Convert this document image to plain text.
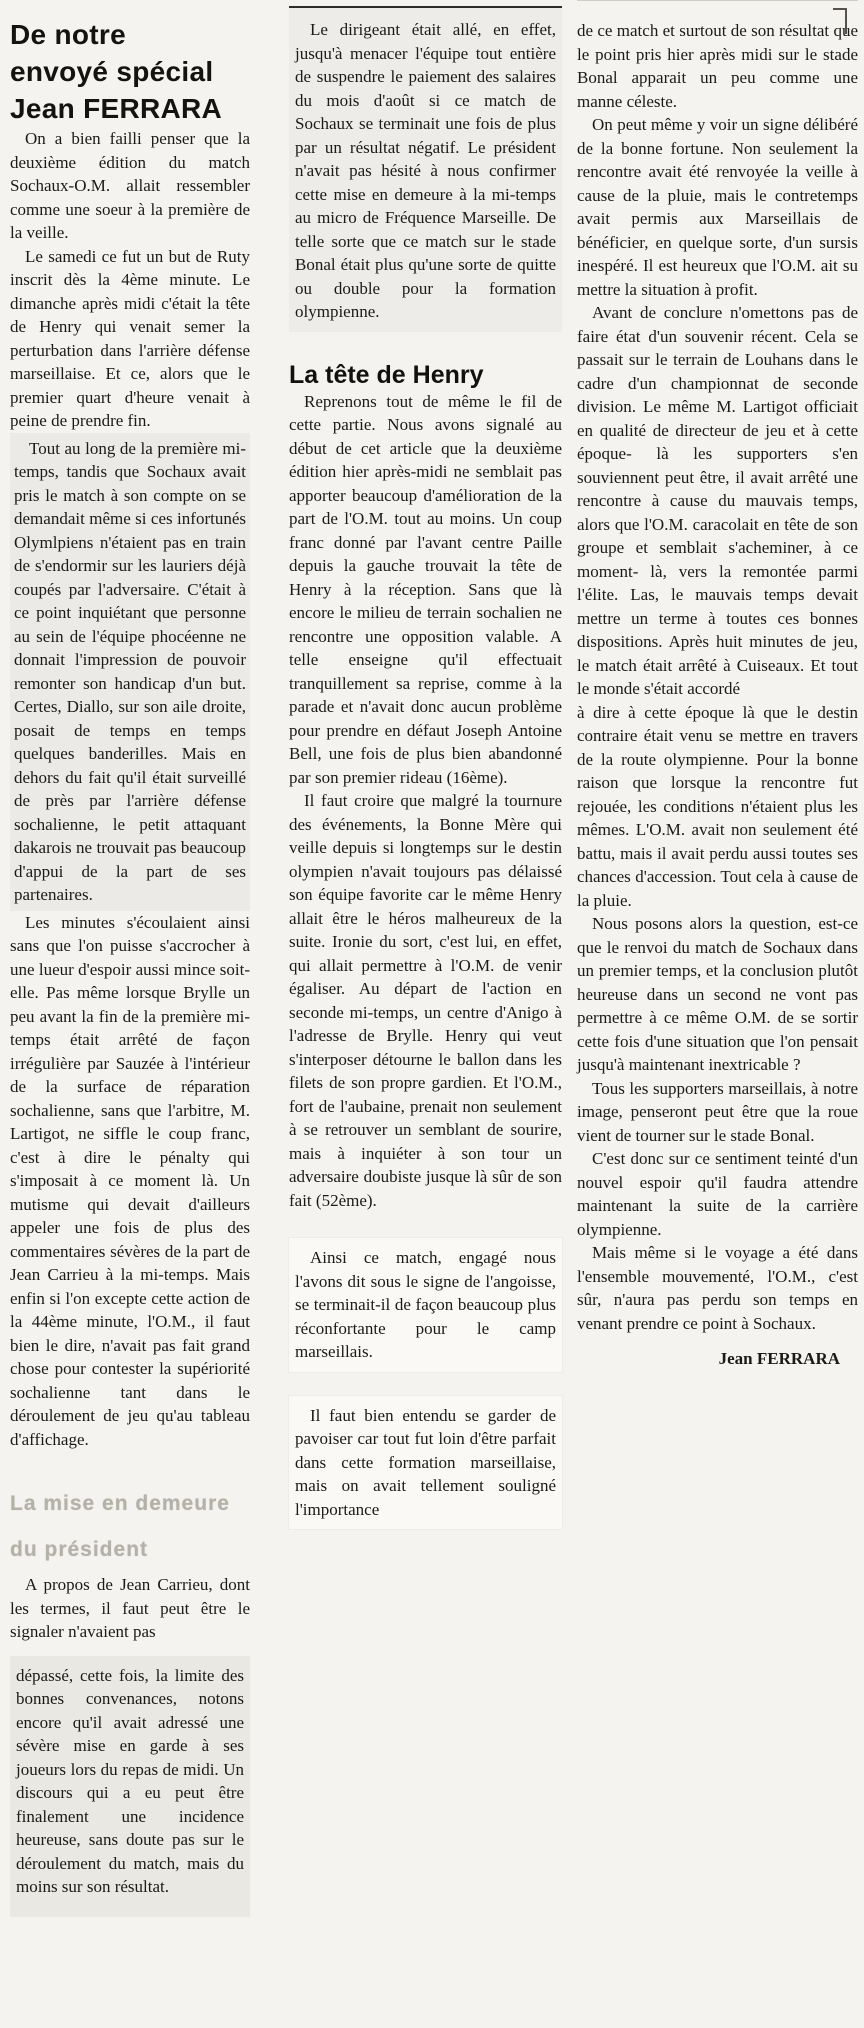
De notre
envoyé spécial
Jean FERRARA

On a bien failli penser que la deuxième édition du match Sochaux-O.M. allait ressembler comme une soeur à la première de la veille.

Le samedi ce fut un but de Ruty inscrit dès la 4ème minute. Le dimanche après midi c'était la tête de Henry qui venait semer la perturbation dans l'arrière défense marseillaise. Et ce, alors que le premier quart d'heure venait à peine de prendre fin.

Tout au long de la première mi-temps, tandis que Sochaux avait pris le match à son compte on se demandait même si ces infortunés Olymlpiens n'étaient pas en train de s'endormir sur les lauriers déjà coupés par l'adversaire. C'était à ce point inquiétant que personne au sein de l'équipe phocéenne ne donnait l'impression de pouvoir remonter son handicap d'un but. Certes, Diallo, sur son aile droite, posait de temps en temps quelques banderilles. Mais en dehors du fait qu'il était surveillé de près par l'arrière défense sochalienne, le petit attaquant dakarois ne trouvait pas beaucoup d'appui de la part de ses partenaires.

Les minutes s'écoulaient ainsi sans que l'on puisse s'accrocher à une lueur d'espoir aussi mince soit-elle. Pas même lorsque Brylle un peu avant la fin de la première mi-temps était arrêté de façon irrégulière par Sauzée à l'intérieur de la surface de réparation sochalienne, sans que l'arbitre, M. Lartigot, ne siffle le coup franc, c'est à dire le pénalty qui s'imposait à ce moment là. Un mutisme qui devait d'ailleurs appeler une fois de plus des commentaires sévères de la part de Jean Carrieu à la mi-temps. Mais enfin si l'on excepte cette action de la 44ème minute, l'O.M., il faut bien le dire, n'avait pas fait grand chose pour contester la supériorité sochalienne tant dans le déroulement de jeu qu'au tableau d'affichage.

La mise en demeure
du président

A propos de Jean Carrieu, dont les termes, il faut peut être le signaler n'avaient pas

dépassé, cette fois, la limite des bonnes convenances, notons encore qu'il avait adressé une sévère mise en garde à ses joueurs lors du repas de midi. Un discours qui a eu peut être finalement une incidence heureuse, sans doute pas sur le déroulement du match, mais du moins sur son résultat.

Le dirigeant était allé, en effet, jusqu'à menacer l'équipe tout entière de suspendre le paiement des salaires du mois d'août si ce match de Sochaux se terminait une fois de plus par un résultat négatif. Le président n'avait pas hésité à nous confirmer cette mise en demeure à la mi-temps au micro de Fréquence Marseille. De telle sorte que ce match sur le stade Bonal était plus qu'une sorte de quitte ou double pour la formation olympienne.

La tête de Henry

Reprenons tout de même le fil de cette partie. Nous avons signalé au début de cet article que la deuxième édition hier après-midi ne semblait pas apporter beaucoup d'amélioration de la part de l'O.M. tout au moins. Un coup franc donné par l'avant centre Paille depuis la gauche trouvait la tête de Henry à la réception. Sans que là encore le milieu de terrain sochalien ne rencontre une opposition valable. A telle enseigne qu'il effectuait tranquillement sa reprise, comme à la parade et n'avait donc aucun problème pour prendre en défaut Joseph Antoine Bell, une fois de plus bien abandonné par son premier rideau (16ème).

Il faut croire que malgré la tournure des événements, la Bonne Mère qui veille depuis si longtemps sur le destin olympien n'avait toujours pas délaissé son équipe favorite car le même Henry allait être le héros malheureux de la suite. Ironie du sort, c'est lui, en effet, qui allait permettre à l'O.M. de venir égaliser. Au départ de l'action en seconde mi-temps, un centre d'Anigo à l'adresse de Brylle. Henry qui veut s'interposer détourne le ballon dans les filets de son propre gardien. Et l'O.M., fort de l'aubaine, prenait non seulement à se retrouver un semblant de sourire, mais à inquiéter à son tour un adversaire doubiste jusque là sûr de son fait (52ème).

Ainsi ce match, engagé nous l'avons dit sous le signe de l'angoisse, se terminait-il de façon beaucoup plus réconfortante pour le camp marseillais.

Il faut bien entendu se garder de pavoiser car tout fut loin d'être parfait dans cette formation marseillaise, mais on avait tellement souligné l'importance

de ce match et surtout de son résultat que le point pris hier après midi sur le stade Bonal apparait un peu comme une manne céleste.

On peut même y voir un signe délibéré de la bonne fortune. Non seulement la rencontre avait été renvoyée la veille à cause de la pluie, mais le contretemps avait permis aux Marseillais de bénéficier, en quelque sorte, d'un sursis inespéré. Il est heureux que l'O.M. ait su mettre la situation à profit.

Avant de conclure n'omettons pas de faire état d'un souvenir récent. Cela se passait sur le terrain de Louhans dans le cadre d'un championnat de seconde division. Le même M. Lartigot officiait en qualité de directeur de jeu et à cette époque- là les supporters s'en souviennent peut être, il avait arrêté une rencontre à cause du mauvais temps, alors que l'O.M. caracolait en tête de son groupe et semblait s'acheminer, à ce moment- là, vers la remontée parmi l'élite. Las, le mauvais temps devait mettre un terme à toutes ces bonnes dispositions. Après huit minutes de jeu, le match était arrêté à Cuiseaux. Et tout le monde s'était accordé

à dire à cette époque là que le destin contraire était venu se mettre en travers de la route olympienne. Pour la bonne raison que lorsque la rencontre fut rejouée, les conditions n'étaient plus les mêmes. L'O.M. avait non seulement été battu, mais il avait perdu aussi toutes ses chances d'accession. Tout cela à cause de la pluie.

Nous posons alors la question, est-ce que le renvoi du match de Sochaux dans un premier temps, et la conclusion plutôt heureuse dans un second ne vont pas permettre à ce même O.M. de se sortir cette fois d'une situation que l'on pensait jusqu'à maintenant inextricable ?

Tous les supporters marseillais, à notre image, penseront peut être que la roue vient de tourner sur le stade Bonal.

C'est donc sur ce sentiment teinté d'un nouvel espoir qu'il faudra attendre maintenant la suite de la carrière olympienne.

Mais même si le voyage a été dans l'ensemble mouvementé, l'O.M., c'est sûr, n'aura pas perdu son temps en venant prendre ce point à Sochaux.

Jean FERRARA
